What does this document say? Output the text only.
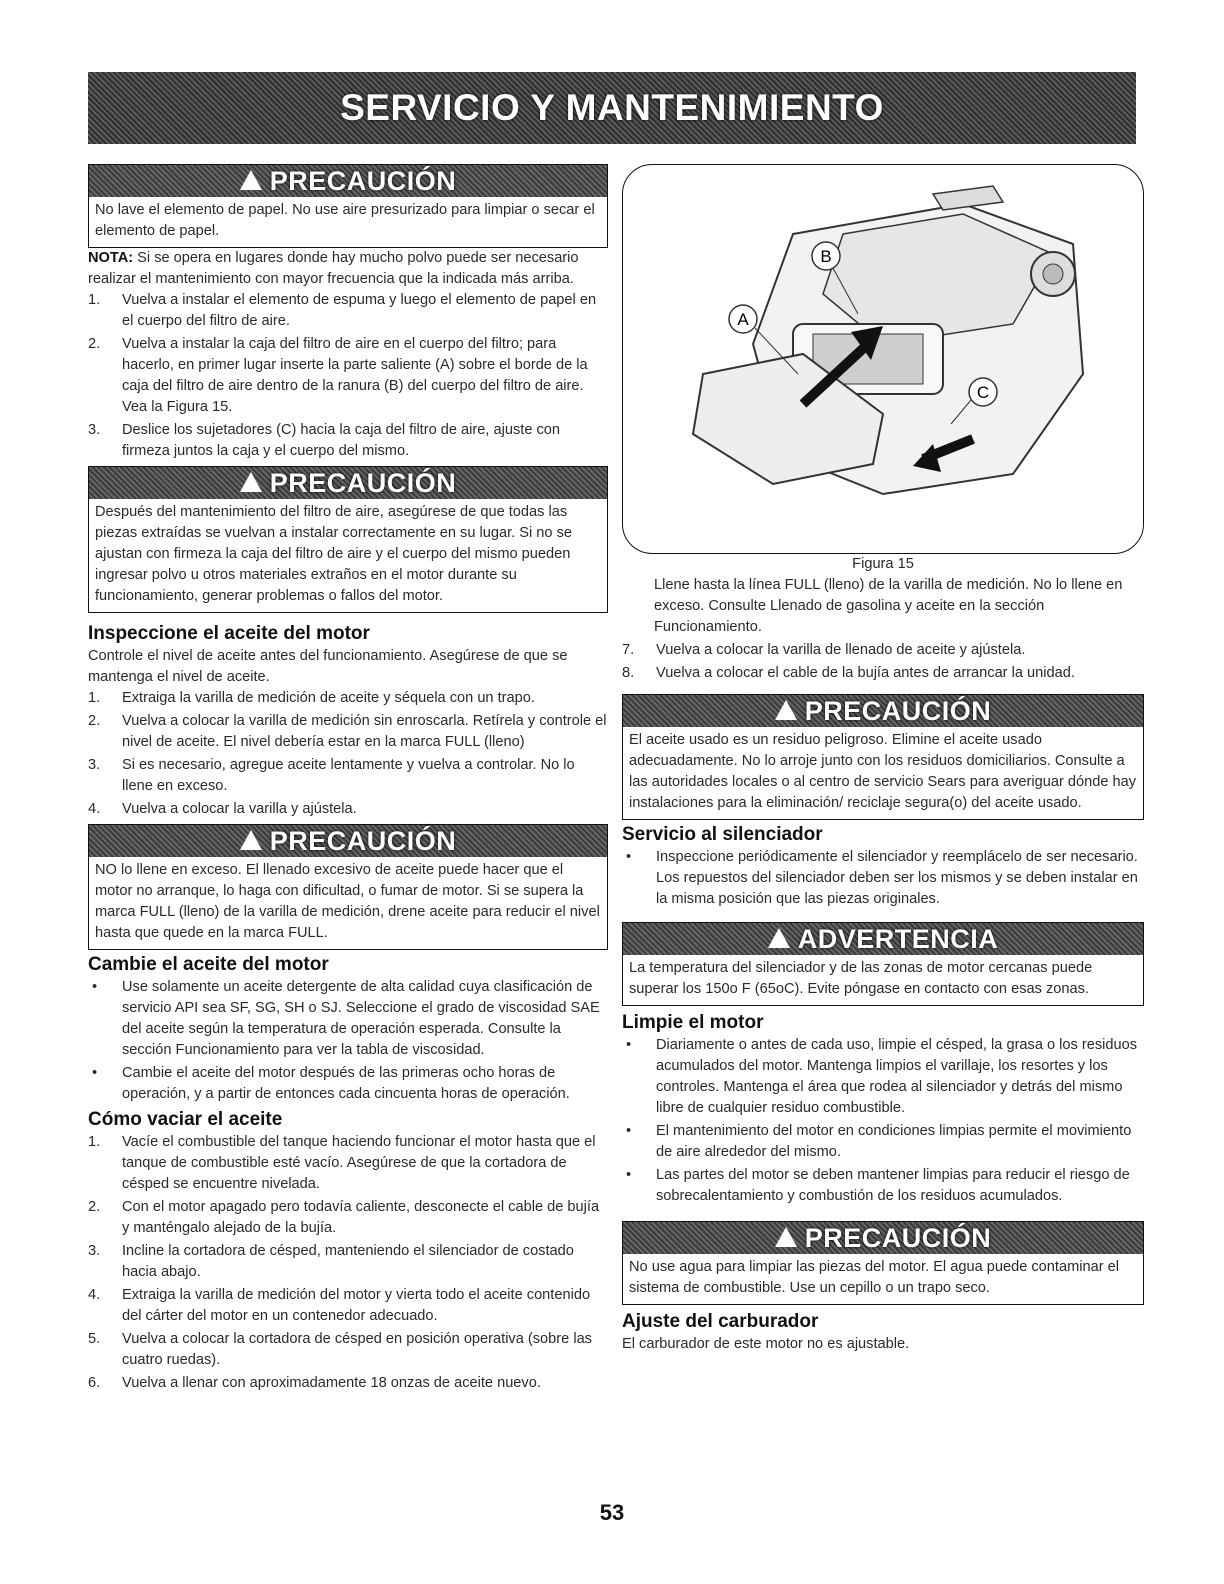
SERVICIO Y MANTENIMIENTO
PRECAUCIÓN
No lave el elemento de papel. No use aire presurizado para limpiar o secar el elemento de papel.

NOTA: Si se opera en lugares donde hay mucho polvo puede ser necesario realizar el mantenimiento con mayor frecuencia que la indicada más arriba.

1. Vuelva a instalar el elemento de espuma y luego el elemento de papel en el cuerpo del filtro de aire.
2. Vuelva a instalar la caja del filtro de aire en el cuerpo del filtro; para hacerlo, en primer lugar inserte la parte saliente (A) sobre el borde de la caja del filtro de aire dentro de la ranura (B) del cuerpo del filtro de aire. Vea la Figura 15.
3. Deslice los sujetadores (C) hacia la caja del filtro de aire, ajuste con firmeza juntos la caja y el cuerpo del mismo.
PRECAUCIÓN
Después del mantenimiento del filtro de aire, asegúrese de que todas las piezas extraídas se vuelvan a instalar correctamente en su lugar. Si no se ajustan con firmeza la caja del filtro de aire y el cuerpo del mismo pueden ingresar polvo u otros materiales extraños en el motor durante su funcionamiento, generar problemas o fallos del motor.
Inspeccione el aceite del motor

Controle el nivel de aceite antes del funcionamiento. Asegúrese de que se mantenga el nivel de aceite.

1. Extraiga la varilla de medición de aceite y séquela con un trapo.
2. Vuelva a colocar la varilla de medición sin enroscarla. Retírela y controle el nivel de aceite. El nivel debería estar en la marca FULL (lleno)
3. Si es necesario, agregue aceite lentamente y vuelva a controlar. No lo llene en exceso.
4. Vuelva a colocar la varilla y ajústela.
PRECAUCIÓN
NO lo llene en exceso. El llenado excesivo de aceite puede hacer que el motor no arranque, lo haga con dificultad, o fumar de motor. Si se supera la marca FULL (lleno) de la varilla de medición, drene aceite para reducir el nivel hasta que quede en la marca FULL.
Cambie el aceite del motor
• Use solamente un aceite detergente de alta calidad cuya clasificación de servicio API sea SF, SG, SH o SJ. Seleccione el grado de viscosidad SAE del aceite según la temperatura de operación esperada. Consulte la sección Funcionamiento para ver la tabla de viscosidad.
• Cambie el aceite del motor después de las primeras ocho horas de operación, y a partir de entonces cada cincuenta horas de operación.
Cómo vaciar el aceite
1. Vacíe el combustible del tanque haciendo funcionar el motor hasta que el tanque de combustible esté vacío. Asegúrese de que la cortadora de césped se encuentre nivelada.
2. Con el motor apagado pero todavía caliente, desconecte el cable de bujía y manténgalo alejado de la bujía.
3. Incline la cortadora de césped, manteniendo el silenciador de costado hacia abajo.
4. Extraiga la varilla de medición del motor y vierta todo el aceite contenido del cárter del motor en un contenedor adecuado.
5. Vuelva a colocar la cortadora de césped en posición operativa (sobre las cuatro ruedas).
6. Vuelva a llenar con aproximadamente 18 onzas de aceite nuevo.
B
A
C

Figura 15

Llene hasta la línea FULL (lleno) de la varilla de medición. No lo llene en exceso. Consulte Llenado de gasolina y aceite en la sección Funcionamiento.

7. Vuelva a colocar la varilla de llenado de aceite y ajústela.
8. Vuelva a colocar el cable de la bujía antes de arrancar la unidad.
PRECAUCIÓN
El aceite usado es un residuo peligroso. Elimine el aceite usado adecuadamente. No lo arroje junto con los residuos domiciliarios. Consulte a las autoridades locales o al centro de servicio Sears para averiguar dónde hay instalaciones para la eliminación/ reciclaje segura(o) del aceite usado.
Servicio al silenciador
• Inspeccione periódicamente el silenciador y reemplácelo de ser necesario. Los repuestos del silenciador deben ser los mismos y se deben instalar en la misma posición que las piezas originales.
ADVERTENCIA
La temperatura del silenciador y de las zonas de motor cercanas puede superar los 150o F (65oC). Evite póngase en contacto con esas zonas.
Limpie el motor
• Diariamente o antes de cada uso, limpie el césped, la grasa o los residuos acumulados del motor. Mantenga limpios el varillaje, los resortes y los controles. Mantenga el área que rodea al silenciador y detrás del mismo libre de cualquier residuo combustible.
• El mantenimiento del motor en condiciones limpias permite el movimiento de aire alrededor del mismo.
• Las partes del motor se deben mantener limpias para reducir el riesgo de sobrecalentamiento y combustión de los residuos acumulados.
PRECAUCIÓN
No use agua para limpiar las piezas del motor. El agua puede contaminar el sistema de combustible. Use un cepillo o un trapo seco.
Ajuste del carburador

El carburador de este motor no es ajustable.

53
